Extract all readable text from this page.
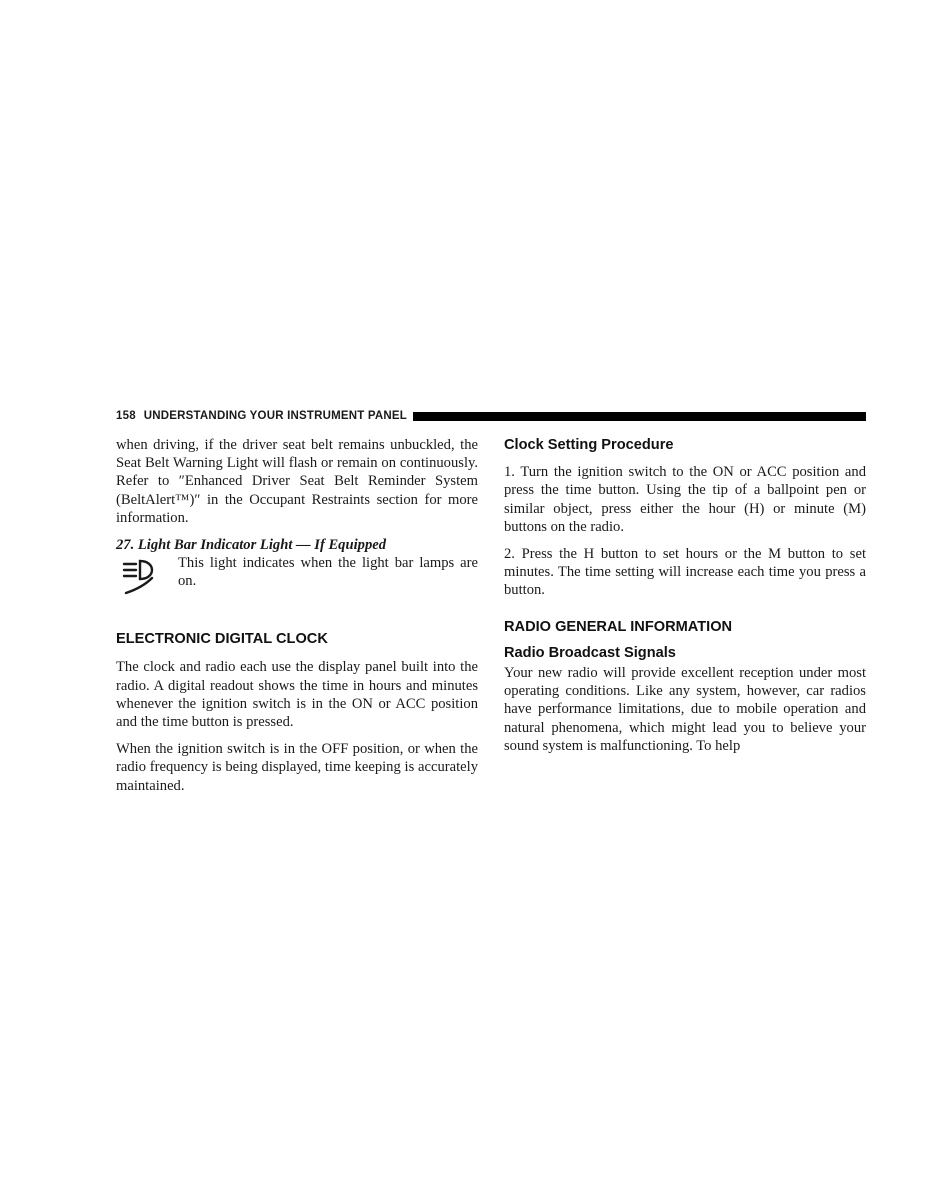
158 UNDERSTANDING YOUR INSTRUMENT PANEL

when driving, if the driver seat belt remains unbuckled, the Seat Belt Warning Light will flash or remain on continuously. Refer to ″Enhanced Driver Seat Belt Reminder System (BeltAlert™)″ in the Occupant Restraints section for more information.

27. Light Bar Indicator Light — If Equipped

This light indicates when the light bar lamps are on.

ELECTRONIC DIGITAL CLOCK

The clock and radio each use the display panel built into the radio. A digital readout shows the time in hours and minutes whenever the ignition switch is in the ON or ACC position and the time button is pressed.

When the ignition switch is in the OFF position, or when the radio frequency is being displayed, time keeping is accurately maintained.

Clock Setting Procedure

1. Turn the ignition switch to the ON or ACC position and press the time button. Using the tip of a ballpoint pen or similar object, press either the hour (H) or minute (M) buttons on the radio.

2. Press the H button to set hours or the M button to set minutes. The time setting will increase each time you press a button.

RADIO GENERAL INFORMATION
Radio Broadcast Signals

Your new radio will provide excellent reception under most operating conditions. Like any system, however, car radios have performance limitations, due to mobile operation and natural phenomena, which might lead you to believe your sound system is malfunctioning. To help
